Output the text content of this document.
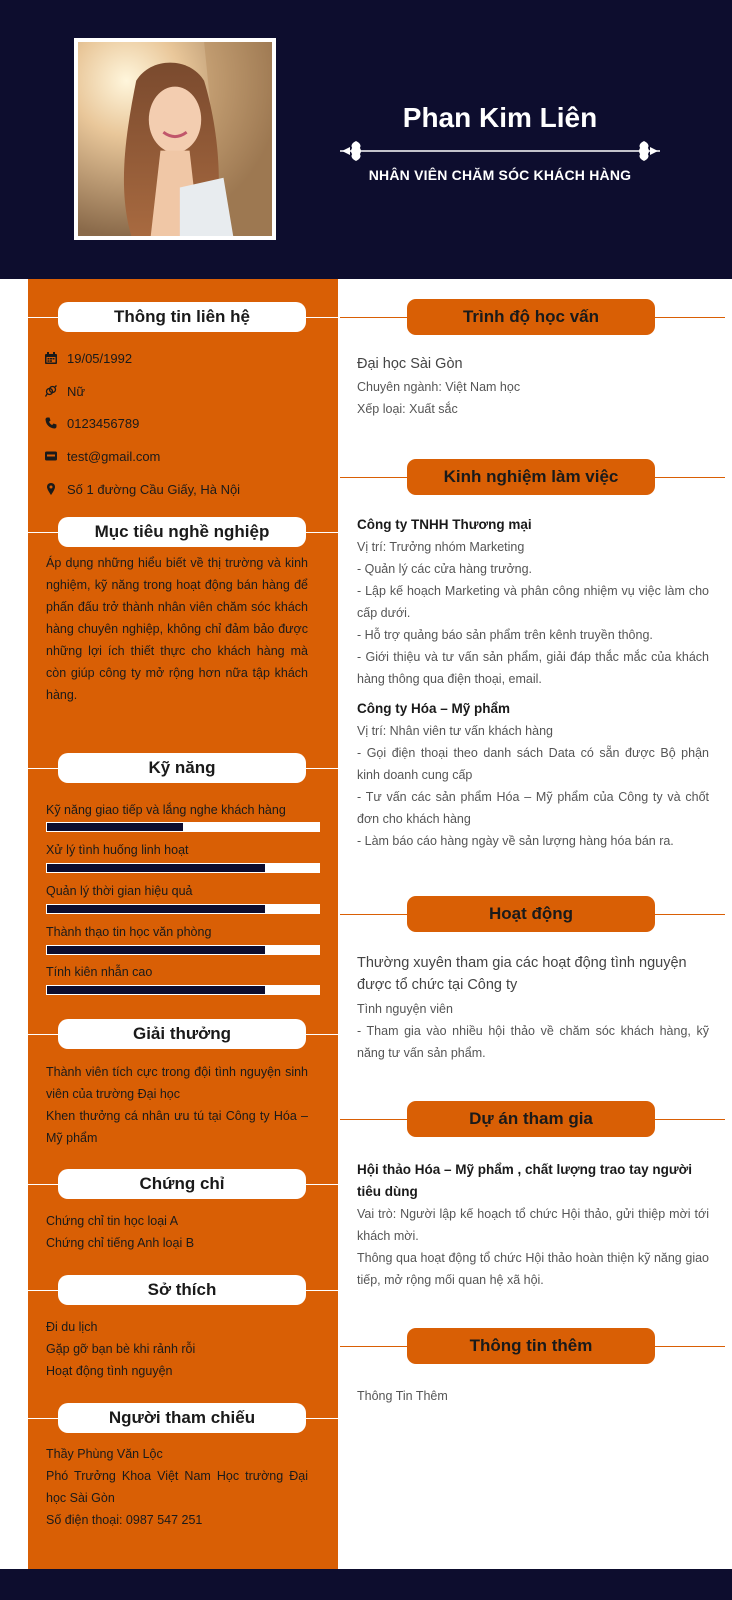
Phan Kim Liên
NHÂN VIÊN CHĂM SÓC KHÁCH HÀNG
Thông tin liên hệ
19/05/1992
Nữ
0123456789
test@gmail.com
Số 1 đường Cầu Giấy, Hà Nội
Mục tiêu nghề nghiệp
Áp dụng những hiểu biết về thị trường và kinh nghiệm, kỹ năng trong hoạt động bán hàng để phấn đấu trở thành nhân viên chăm sóc khách hàng chuyên nghiệp, không chỉ đảm bảo được những lợi ích thiết thực cho khách hàng mà còn giúp công ty mở rộng hơn nữa tập khách hàng.
Kỹ năng
Kỹ năng giao tiếp và lắng nghe khách hàng
Xử lý tình huống linh hoạt
Quản lý thời gian hiệu quả
Thành thạo tin học văn phòng
Tính kiên nhẫn cao
Giải thưởng
Thành viên tích cực trong đội tình nguyện sinh viên của trường Đại học
Khen thưởng cá nhân ưu tú tại Công ty Hóa – Mỹ phẩm
Chứng chỉ
Chứng chỉ tin học loại A
Chứng chỉ tiếng Anh loại B
Sở thích
Đi du lịch
Gặp gỡ bạn bè khi rảnh rỗi
Hoạt động tình nguyện
Người tham chiếu
Thầy Phùng Văn Lộc
Phó Trưởng Khoa Việt Nam Học trường Đại học Sài Gòn
Số điện thoại: 0987 547 251
Trình độ học vấn
Đại học Sài Gòn
Chuyên ngành: Việt Nam học
Xếp loại: Xuất sắc
Kinh nghiệm làm việc
Công ty TNHH Thương mại
Vị trí: Trưởng nhóm Marketing
- Quản lý các cửa hàng trưởng.
- Lập kế hoạch Marketing và phân công nhiệm vụ việc làm cho cấp dưới.
- Hỗ trợ quảng báo sản phẩm trên kênh truyền thông.
- Giới thiệu và tư vấn sản phẩm, giải đáp thắc mắc của khách hàng thông qua điện thoại, email.
Công ty Hóa – Mỹ phẩm
Vị trí: Nhân viên tư vấn khách hàng
- Gọi điện thoại theo danh sách Data có sẵn được Bộ phận kinh doanh cung cấp
- Tư vấn các sản phẩm Hóa – Mỹ phẩm của Công ty và chốt đơn cho khách hàng
- Làm báo cáo hàng ngày về sản lượng hàng hóa bán ra.
Hoạt động
Thường xuyên tham gia các hoạt động tình nguyện được tổ chức tại Công ty
Tình nguyện viên
- Tham gia vào nhiều hội thảo về chăm sóc khách hàng, kỹ năng tư vấn sản phẩm.
Dự án tham gia
Hội thảo Hóa – Mỹ phẩm , chất lượng trao tay người tiêu dùng
Vai trò: Người lập kế hoạch tổ chức Hội thảo, gửi thiệp mời tới khách mời.
Thông qua hoạt động tổ chức Hội thảo hoàn thiện kỹ năng giao tiếp, mở rộng mối quan hệ xã hội.
Thông tin thêm
Thông Tin Thêm
